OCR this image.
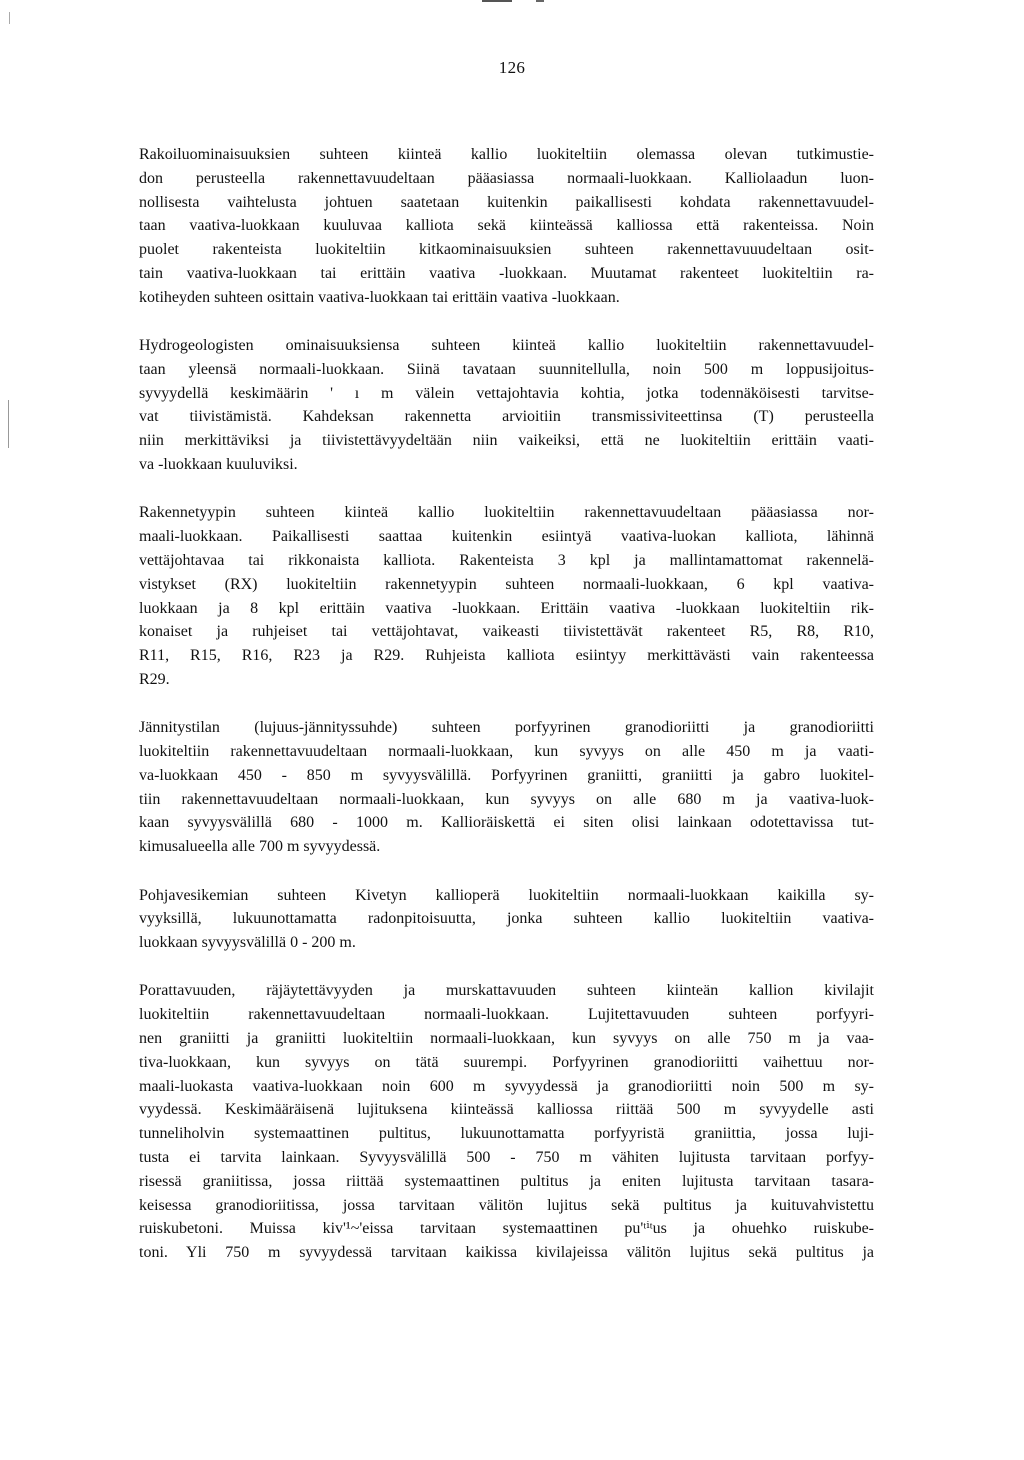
126
Rakoiluominaisuuksien suhteen kiinteä kallio luokiteltiin olemassa olevan tutkimustie-
don perusteella rakennettavuudeltaan pääasiassa normaali-luokkaan. Kalliolaadun luon-
nollisesta vaihtelusta johtuen saatetaan kuitenkin paikallisesti kohdata rakennettavuudel-
taan vaativa-luokkaan kuuluvaa kalliota sekä kiinteässä kalliossa että rakenteissa. Noin
puolet rakenteista luokiteltiin kitkaominaisuuksien suhteen rakennettavuuudeltaan osit-
tain vaativa-luokkaan tai erittäin vaativa -luokkaan. Muutamat rakenteet luokiteltiin ra-
kotiheyden suhteen osittain vaativa-luokkaan tai erittäin vaativa -luokkaan.
Hydrogeologisten ominaisuuksiensa suhteen kiinteä kallio luokiteltiin rakennettavuudel-
taan yleensä normaali-luokkaan. Siinä tavataan suunnitellulla, noin 500 m loppusijoitus-
syvyydellä keskimäärin ' ı m välein vettajohtavia kohtia, jotka todennäköisesti tarvitse-
vat tiivistämistä. Kahdeksan rakennetta arvioitiin transmissiviteettinsa (T) perusteella
niin merkittäviksi ja tiivistettävyydeltään niin vaikeiksi, että ne luokiteltiin erittäin vaati-
va -luokkaan kuuluviksi.
Rakennetyypin suhteen kiinteä kallio luokiteltiin rakennettavuudeltaan pääasiassa nor-
maali-luokkaan. Paikallisesti saattaa kuitenkin esiintyä vaativa-luokan kalliota, lähinnä
vettäjohtavaa tai rikkonaista kalliota. Rakenteista 3 kpl ja mallintamattomat rakennelä-
vistykset (RX) luokiteltiin rakennetyypin suhteen normaali-luokkaan, 6 kpl vaativa-
luokkaan ja 8 kpl erittäin vaativa -luokkaan. Erittäin vaativa -luokkaan luokiteltiin rik-
konaiset ja ruhjeiset tai vettäjohtavat, vaikeasti tiivistettävät rakenteet R5, R8, R10,
R11, R15, R16, R23 ja R29. Ruhjeista kalliota esiintyy merkittävästi vain rakenteessa
R29.
Jännitystilan (lujuus-jännityssuhde) suhteen porfyyrinen granodioriitti ja granodioriitti
luokiteltiin rakennettavuudeltaan normaali-luokkaan, kun syvyys on alle 450 m ja vaati-
va-luokkaan 450 - 850 m syvyysvälillä. Porfyyrinen graniitti, graniitti ja gabro luokitel-
tiin rakennettavuudeltaan normaali-luokkaan, kun syvyys on alle 680 m ja vaativa-luok-
kaan syvyysvälillä 680 - 1000 m. Kallioräiskettä ei siten olisi lainkaan odotettavissa tut-
kimusalueella alle 700 m syvyydessä.
Pohjavesikemian suhteen Kivetyn kallioperä luokiteltiin normaali-luokkaan kaikilla sy-
vyyksillä, lukuunottamatta radonpitoisuutta, jonka suhteen kallio luokiteltiin vaativa-
luokkaan syvyysvälillä 0 - 200 m.
Porattavuuden, räjäytettävyyden ja murskattavuuden suhteen kiinteän kallion kivilajit
luokiteltiin rakennettavuudeltaan normaali-luokkaan. Lujitettavuuden suhteen porfyyri-
nen graniitti ja graniitti luokiteltiin normaali-luokkaan, kun syvyys on alle 750 m ja vaa-
tiva-luokkaan, kun syvyys on tätä suurempi. Porfyyrinen granodioriitti vaihettuu nor-
maali-luokasta vaativa-luokkaan noin 600 m syvyydessä ja granodioriitti noin 500 m sy-
vyydessä. Keskimääräisenä lujituksena kiinteässä kalliossa riittää 500 m syvyydelle asti
tunneliholvin systemaattinen pultitus, lukuunottamatta porfyyristä graniittia, jossa luji-
tusta ei tarvita lainkaan. Syvyysvälillä 500 - 750 m vähiten lujitusta tarvitaan porfyy-
risessä graniitissa, jossa riittää systemaattinen pultitus ja eniten lujitusta tarvitaan tasara-
keisessa granodioriitissa, jossa tarvitaan välitön lujitus sekä pultitus ja kuituvahvistettu
ruiskubetoni. Muissa kiv'¹~'eissa tarvitaan systemaattinen pu'ᵗⁱᵗus ja ohuehko ruiskube-
toni. Yli 750 m syvyydessä tarvitaan kaikissa kivilajeissa välitön lujitus sekä pultitus ja
